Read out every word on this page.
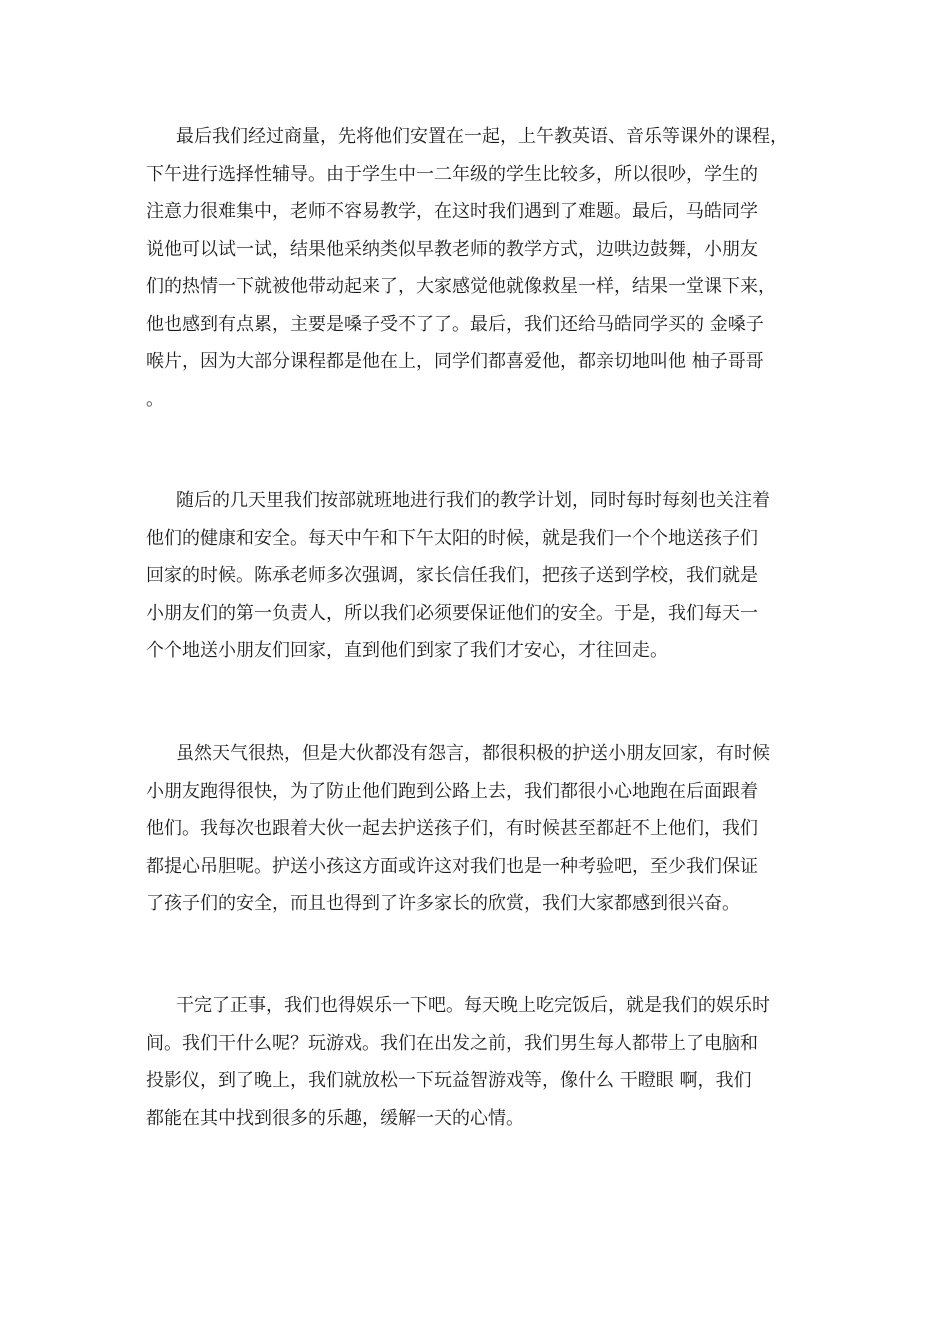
最后我们经过商量，先将他们安置在一起，上午教英语、音乐等课外的课程，
下午进行选择性辅导。由于学生中一二年级的学生比较多，所以很吵，学生的
注意力很难集中，老师不容易教学，在这时我们遇到了难题。最后，马皓同学
说他可以试一试，结果他采纳类似早教老师的教学方式，边哄边鼓舞，小朋友
们的热情一下就被他带动起来了，大家感觉他就像救星一样，结果一堂课下来，
他也感到有点累，主要是嗓子受不了了。最后，我们还给马皓同学买的 金嗓子
喉片，因为大部分课程都是他在上，同学们都喜爱他，都亲切地叫他 柚子哥哥
。
随后的几天里我们按部就班地进行我们的教学计划，同时每时每刻也关注着
他们的健康和安全。每天中午和下午太阳的时候，就是我们一个个地送孩子们
回家的时候。陈承老师多次强调，家长信任我们，把孩子送到学校，我们就是
小朋友们的第一负责人，所以我们必须要保证他们的安全。于是，我们每天一
个个地送小朋友们回家，直到他们到家了我们才安心，才往回走。
虽然天气很热，但是大伙都没有怨言，都很积极的护送小朋友回家，有时候
小朋友跑得很快，为了防止他们跑到公路上去，我们都很小心地跑在后面跟着
他们。我每次也跟着大伙一起去护送孩子们，有时候甚至都赶不上他们，我们
都提心吊胆呢。护送小孩这方面或许这对我们也是一种考验吧，至少我们保证
了孩子们的安全，而且也得到了许多家长的欣赏，我们大家都感到很兴奋。
干完了正事，我们也得娱乐一下吧。每天晚上吃完饭后，就是我们的娱乐时
间。我们干什么呢？玩游戏。我们在出发之前，我们男生每人都带上了电脑和
投影仪，到了晚上，我们就放松一下玩益智游戏等，像什么 干瞪眼 啊，我们
都能在其中找到很多的乐趣，缓解一天的心情。
